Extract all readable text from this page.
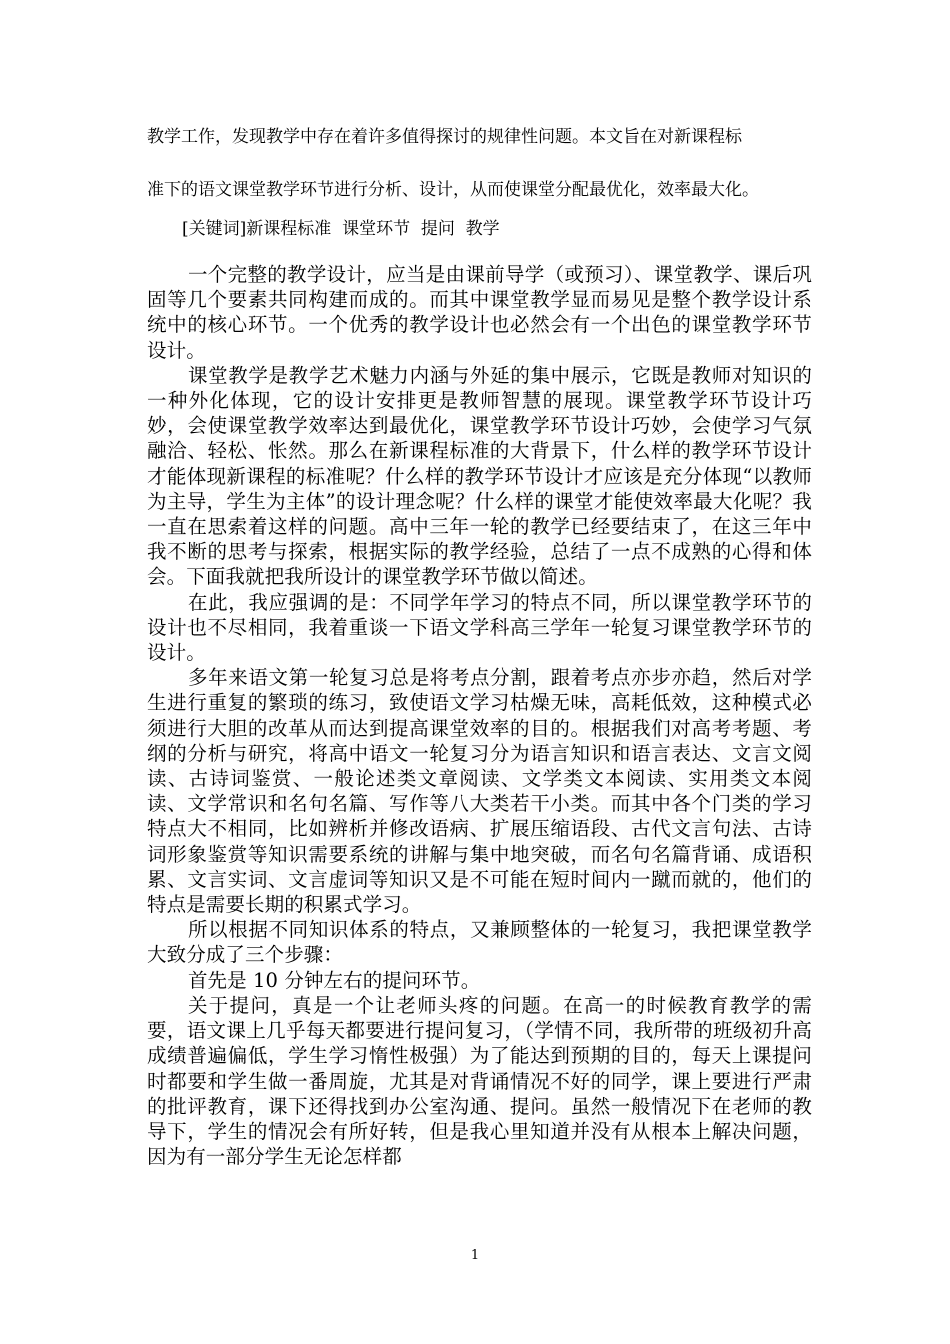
教学工作，发现教学中存在着许多值得探讨的规律性问题。本文旨在对新课程标
准下的语文课堂教学环节进行分析、设计，从而使课堂分配最优化，效率最大化。
[关键词]新课程标准  课堂环节  提问  教学

一个完整的教学设计，应当是由课前导学（或预习）、课堂教学、课后巩固等几个要素共同构建而成的。而其中课堂教学显而易见是整个教学设计系统中的核心环节。一个优秀的教学设计也必然会有一个出色的课堂教学环节设计。

课堂教学是教学艺术魅力内涵与外延的集中展示，它既是教师对知识的一种外化体现，它的设计安排更是教师智慧的展现。课堂教学环节设计巧妙，会使课堂教学效率达到最优化，课堂教学环节设计巧妙，会使学习气氛融洽、轻松、怅然。那么在新课程标准的大背景下，什么样的教学环节设计才能体现新课程的标准呢？什么样的教学环节设计才应该是充分体现“以教师为主导，学生为主体”的设计理念呢？什么样的课堂才能使效率最大化呢？我一直在思索着这样的问题。高中三年一轮的教学已经要结束了，在这三年中我不断的思考与探索，根据实际的教学经验，总结了一点不成熟的心得和体会。下面我就把我所设计的课堂教学环节做以简述。

在此，我应强调的是：不同学年学习的特点不同，所以课堂教学环节的设计也不尽相同，我着重谈一下语文学科高三学年一轮复习课堂教学环节的设计。

多年来语文第一轮复习总是将考点分割，跟着考点亦步亦趋，然后对学生进行重复的繁琐的练习，致使语文学习枯燥无味，高耗低效，这种模式必须进行大胆的改革从而达到提高课堂效率的目的。根据我们对高考考题、考纲的分析与研究，将高中语文一轮复习分为语言知识和语言表达、文言文阅读、古诗词鉴赏、一般论述类文章阅读、文学类文本阅读、实用类文本阅读、文学常识和名句名篇、写作等八大类若干小类。而其中各个门类的学习特点大不相同，比如辨析并修改语病、扩展压缩语段、古代文言句法、古诗词形象鉴赏等知识需要系统的讲解与集中地突破，而名句名篇背诵、成语积累、文言实词、文言虚词等知识又是不可能在短时间内一蹴而就的，他们的特点是需要长期的积累式学习。

所以根据不同知识体系的特点，又兼顾整体的一轮复习，我把课堂教学大致分成了三个步骤：

首先是 10 分钟左右的提问环节。

关于提问，真是一个让老师头疼的问题。在高一的时候教育教学的需要，语文课上几乎每天都要进行提问复习，（学情不同，我所带的班级初升高成绩普遍偏低，学生学习惰性极强）为了能达到预期的目的，每天上课提问时都要和学生做一番周旋，尤其是对背诵情况不好的同学，课上要进行严肃的批评教育，课下还得找到办公室沟通、提问。虽然一般情况下在老师的教导下，学生的情况会有所好转，但是我心里知道并没有从根本上解决问题，因为有一部分学生无论怎样都

1
